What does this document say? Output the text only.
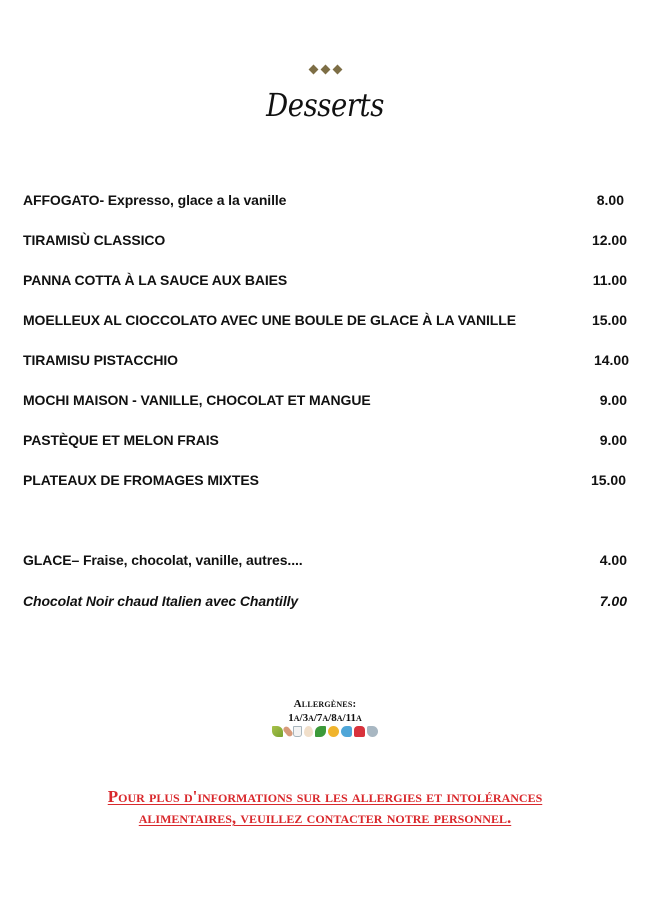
Desserts
AFFOGATO- Expresso, glace a la vanille	8.00
TIRAMISÙ CLASSICO	12.00
PANNA COTTA À LA SAUCE AUX BAIES	11.00
MOELLEUX AL CIOCCOLATO AVEC UNE BOULE DE GLACE À LA VANILLE	15.00
TIRAMISU PISTACCHIO	14.00
MOCHI MAISON - VANILLE, CHOCOLAT ET MANGUE	9.00
PASTÈQUE ET MELON FRAIS	9.00
PLATEAUX DE FROMAGES MIXTES	15.00
GLACE– Fraise, chocolat, vanille, autres....	4.00
Chocolat Noir chaud Italien avec Chantilly	7.00
Allergènes:
1a/3a/7a/8a/11a
Pour plus d'informations sur les allergies et intolérances
alimentaires, veuillez contacter notre personnel.
